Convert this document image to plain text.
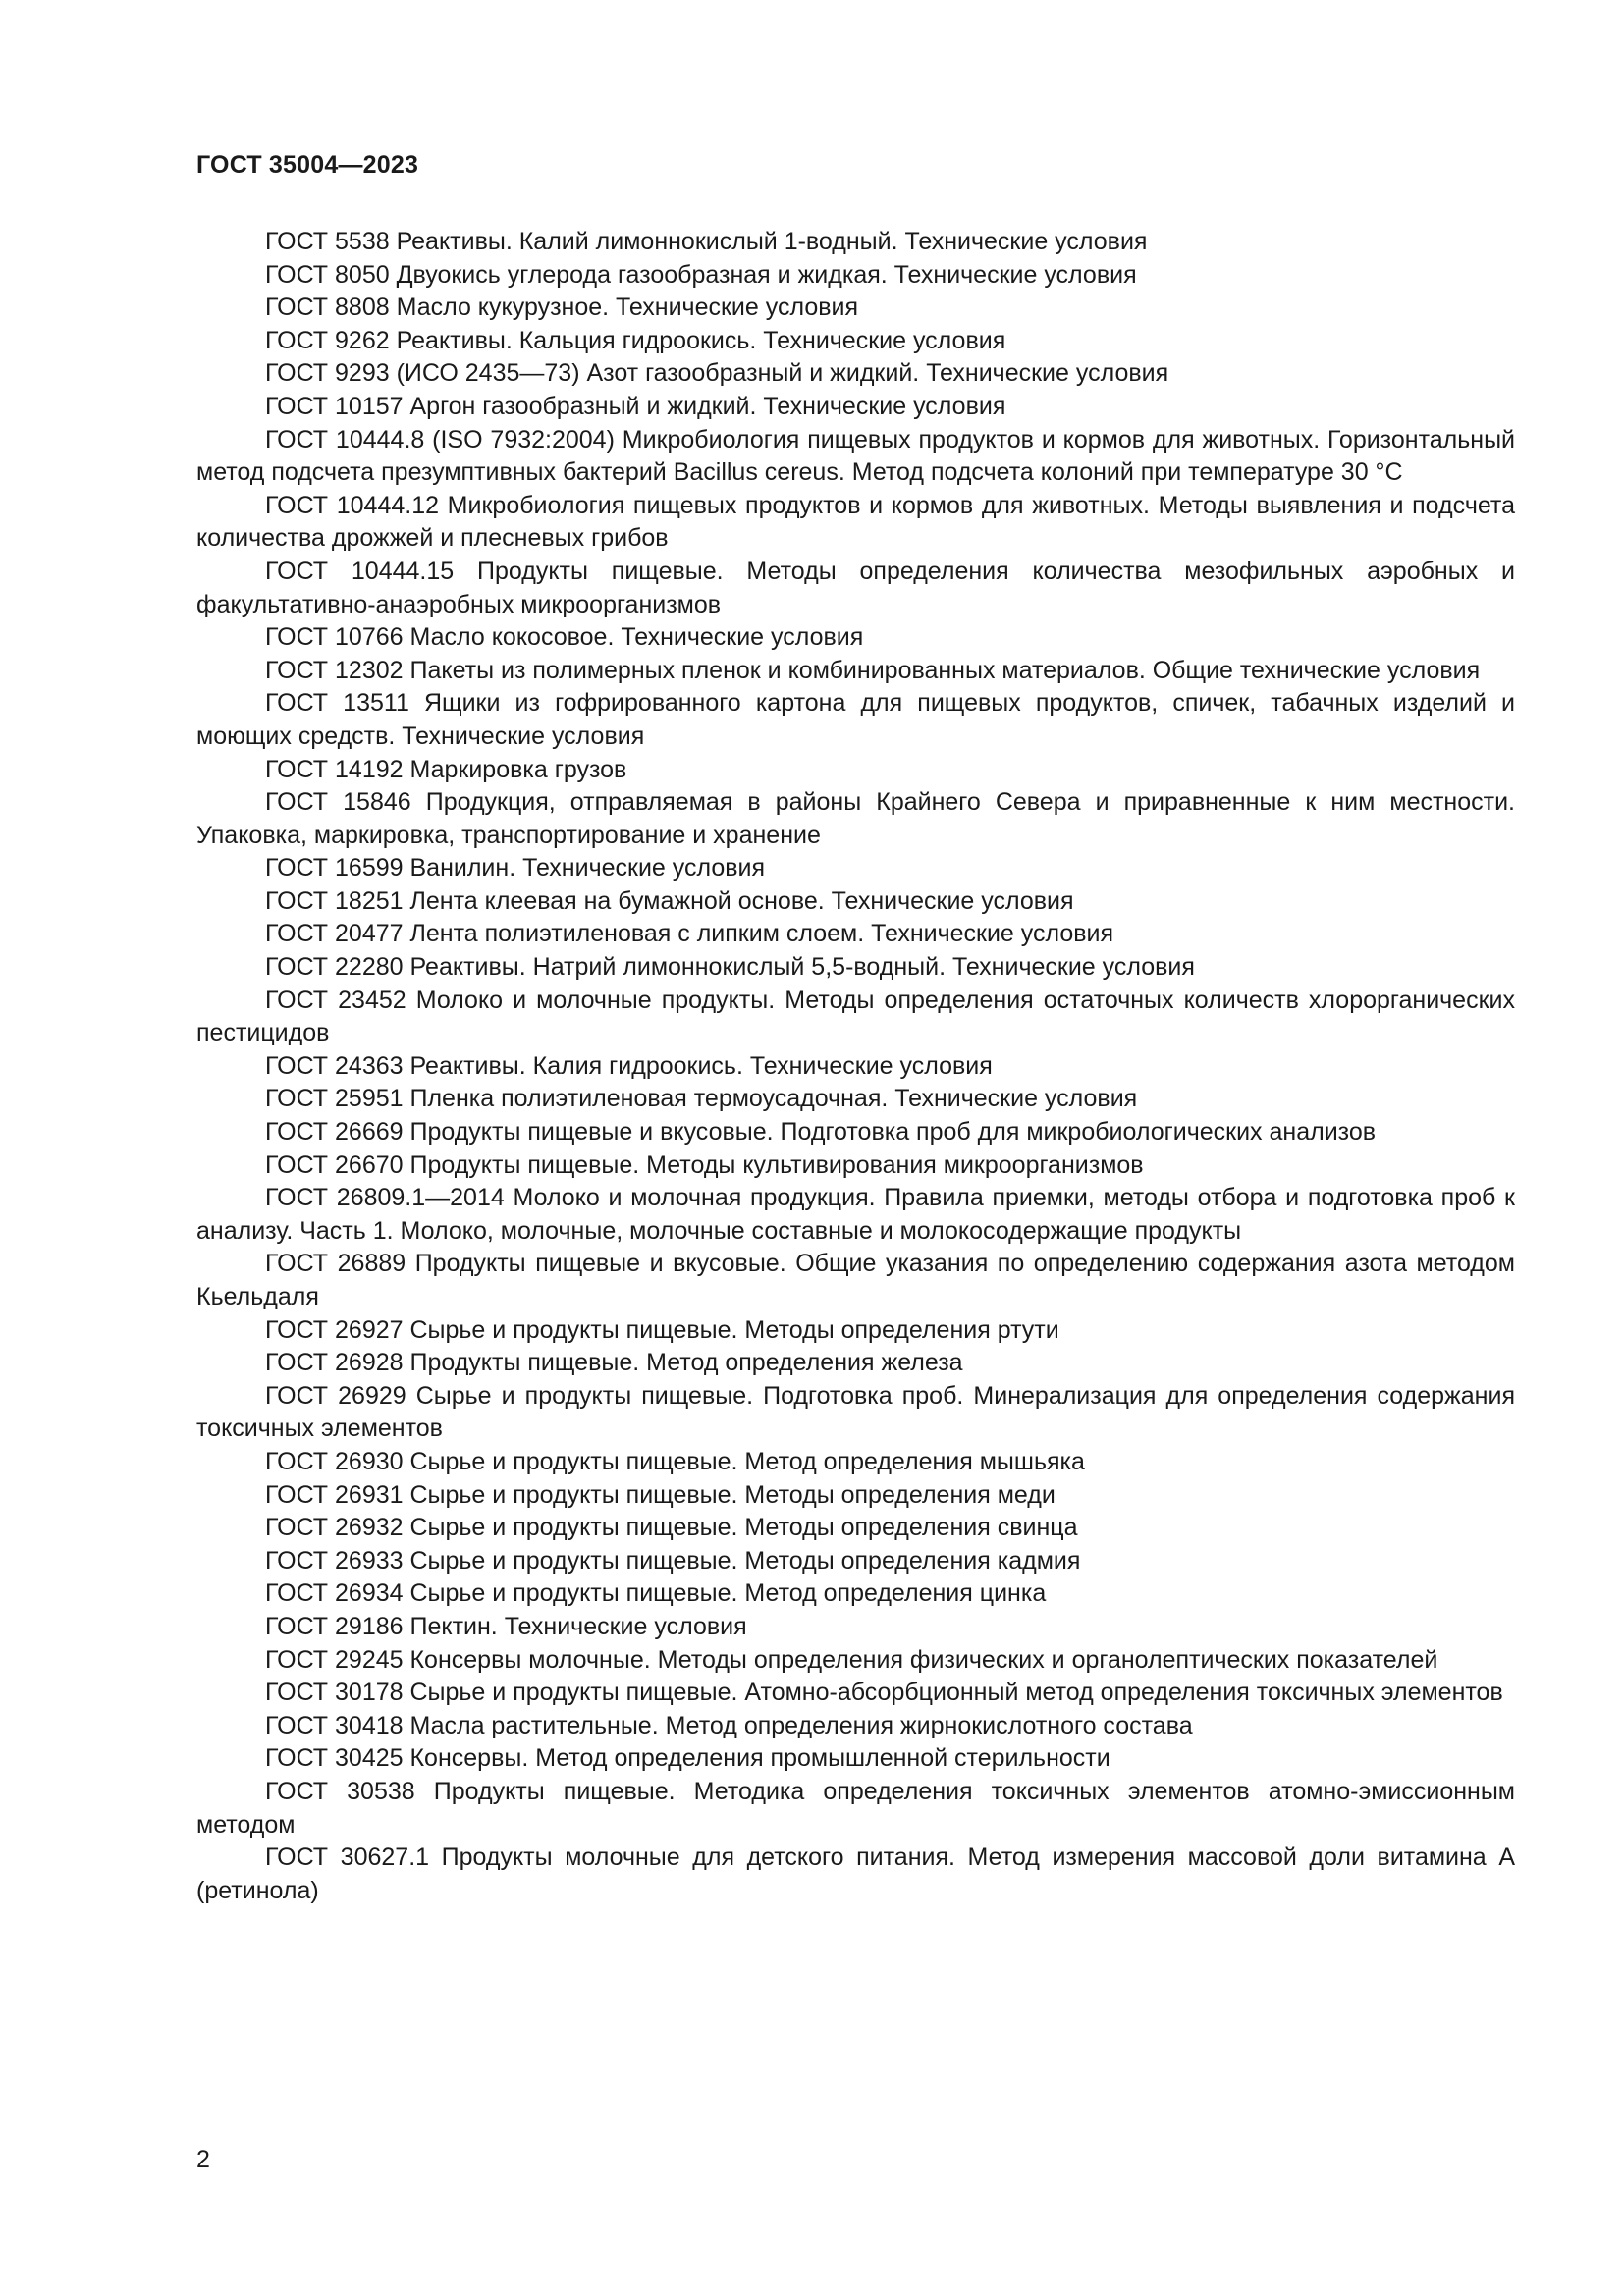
ГОСТ 35004—2023

ГОСТ 5538 Реактивы. Калий лимоннокислый 1-водный. Технические условия

ГОСТ 8050 Двуокись углерода газообразная и жидкая. Технические условия

ГОСТ 8808 Масло кукурузное. Технические условия

ГОСТ 9262 Реактивы. Кальция гидроокись. Технические условия

ГОСТ 9293 (ИСО 2435—73) Азот газообразный и жидкий. Технические условия

ГОСТ 10157 Аргон газообразный и жидкий. Технические условия

ГОСТ 10444.8 (ISO 7932:2004) Микробиология пищевых продуктов и кормов для животных. Горизонтальный метод подсчета презумптивных бактерий Bacillus cereus. Метод подсчета колоний при температуре 30 °C

ГОСТ 10444.12 Микробиология пищевых продуктов и кормов для животных. Методы выявления и подсчета количества дрожжей и плесневых грибов

ГОСТ 10444.15 Продукты пищевые. Методы определения количества мезофильных аэробных и факультативно-анаэробных микроорганизмов

ГОСТ 10766 Масло кокосовое. Технические условия

ГОСТ 12302 Пакеты из полимерных пленок и комбинированных материалов. Общие технические условия

ГОСТ 13511 Ящики из гофрированного картона для пищевых продуктов, спичек, табачных изделий и моющих средств. Технические условия

ГОСТ 14192 Маркировка грузов

ГОСТ 15846 Продукция, отправляемая в районы Крайнего Севера и приравненные к ним местности. Упаковка, маркировка, транспортирование и хранение

ГОСТ 16599 Ванилин. Технические условия

ГОСТ 18251 Лента клеевая на бумажной основе. Технические условия

ГОСТ 20477 Лента полиэтиленовая с липким слоем. Технические условия

ГОСТ 22280 Реактивы. Натрий лимоннокислый 5,5-водный. Технические условия

ГОСТ 23452 Молоко и молочные продукты. Методы определения остаточных количеств хлорорганических пестицидов

ГОСТ 24363 Реактивы. Калия гидроокись. Технические условия

ГОСТ 25951 Пленка полиэтиленовая термоусадочная. Технические условия

ГОСТ 26669 Продукты пищевые и вкусовые. Подготовка проб для микробиологических анализов

ГОСТ 26670 Продукты пищевые. Методы культивирования микроорганизмов

ГОСТ 26809.1—2014 Молоко и молочная продукция. Правила приемки, методы отбора и подготовка проб к анализу. Часть 1. Молоко, молочные, молочные составные и молокосодержащие продукты

ГОСТ 26889 Продукты пищевые и вкусовые. Общие указания по определению содержания азота методом Кьельдаля

ГОСТ 26927 Сырье и продукты пищевые. Методы определения ртути

ГОСТ 26928 Продукты пищевые. Метод определения железа

ГОСТ 26929 Сырье и продукты пищевые. Подготовка проб. Минерализация для определения содержания токсичных элементов

ГОСТ 26930 Сырье и продукты пищевые. Метод определения мышьяка

ГОСТ 26931 Сырье и продукты пищевые. Методы определения меди

ГОСТ 26932 Сырье и продукты пищевые. Методы определения свинца

ГОСТ 26933 Сырье и продукты пищевые. Методы определения кадмия

ГОСТ 26934 Сырье и продукты пищевые. Метод определения цинка

ГОСТ 29186 Пектин. Технические условия

ГОСТ 29245 Консервы молочные. Методы определения физических и органолептических показателей

ГОСТ 30178 Сырье и продукты пищевые. Атомно-абсорбционный метод определения токсичных элементов

ГОСТ 30418 Масла растительные. Метод определения жирнокислотного состава

ГОСТ 30425 Консервы. Метод определения промышленной стерильности

ГОСТ 30538 Продукты пищевые. Методика определения токсичных элементов атомно-эмиссионным методом

ГОСТ 30627.1 Продукты молочные для детского питания. Метод измерения массовой доли витамина А (ретинола)

2
